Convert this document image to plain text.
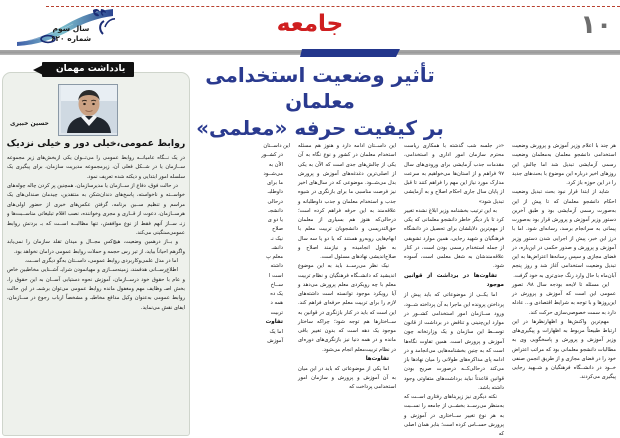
سال سوم
شماره ۶۲۰
جامعه	۱۰
تأثیر وضعیت استخدامی معلمان
بر کیفیت حرفه «معلمی»

هر چند با اعلام وزیر آموزش و پرورش وضعیت استخدامی دانشجو معلمان به‌معلمان وضعیت رسمی آزمایشی تبدیل شد اما چالش این روزهای اخیر درباره این موضوع با بحث‌های جدید را در این حوزه باز کرد.

شاید از ابتدا قرار نبود بحث تبدیل وضعیت احکام دانشجو معلمان که تا پیش از این به‌صورت رسمی آزمایشی بود و طبق آخرین دستور وزیر آموزش و پرورش قرار بود به‌صورت پیمانی به سرانجام برسد، رسانه‌ای شود. اما با درز این خبر، پیش از اجرایی شدن دستور وزیر آموزش و پرورش و صدور حکمی در این‌باره، در فضای مجازی و سپس رسانه‌ها اعتراض‌ها به این تبدیل وضعیت استخدامی آغاز شد و روز پنجم آبان‌ماه با حال وارد رنگ جدی‌تری به خود گرفت.

این مسئله تا لایحه بودجه سال ۹۸، تصور عمومی این است که آموزش و پرورش در این‌روزها و با توجه به شرایط اقتصادی و... عادله دارد به سمت خصوصی‌سازی حرکت کند.

مهم‌ترین واکنش‌ها و اظهارنظرها در این ارتباط طبیعتاً مربوط به اظهارات و پیگیری‌های وزیر آموزش و پرورش و پاسخگویی وی به مطالبات دانشجو معلمانی بود که مراتب اعتراض خود را در فضای مجازی و از طریق انجمن صنفی خــود در دانشــگاه فرهنگیان و شــهید رجایی پیگیری می‌کردند.

«در جلسه شب گذشته با همکاری ریاست محترم سازمان امور اداری و استخدامی، مقدمات جذب آزمایشی برای ورودی‌های سال ۹۷ فراهم و از استان‌ها می‌خواهیم به سرعت مدارک مورد نیاز این مهم را فراهم کنند تا قبل از پایان سال جاری احکام اصلاح و به آزمایشی تبدیل شود»

به این ترتیب بخشنامه وزیر ابلاغ نشده تغییر کرد تا بار دیگر خاطر دانشجو معلمانی که یکی از مهم‌ترین دلایلشان برای تحصیل در دانشگاه فرهنگیان و شهید رجایی، همین موارد تشویقی از جمله استخدام رسمی بودن است، در کنار علاقه‌مندشان به شغل معلمی است، آسوده شود.

تفاوت‌ها در برداشت از قوانین موجود

اما یکــی از موضوعاتی که باید پیش از پرداختن پرونده این ماجرا به آن پرداخته شــود، ورود ســازمان امور استخدامی کشــور در موارد این‌چنینی و تناقض در برداشت از قانون توســط این سازمان و یک وزارتخانه چون آموزش و پرورش است. همین تفاوت نگاه‌ها است که به چنین بخشنامه‌هایی می‌انجامد و در ادامه پای مذاکره‌های طولانی را میان نهادها باز می‌کند درحالی‌کــه درصورت صریح بودن قوانین قاعدتاً نباید برداشت‌های متفاوتی وجود داشته باشد.

نکته دیگری نیز زیربناهای رفتاری اســت که به‌منظر می‌رســد بخشــی از جامعه را نســبت به هر نوع تغییر ســاختاری در آموزش و پرورش حســاس کرده است؛ بنابر همان اصلی که

این داســتان ادامه دارد و هنوز هم مسئله استخدام معلمان در کشور و نوع نگاه به آن یکی از چالش‌های جدی است که الآن به یکی از اصلی‌ترین دغدغه‌های آموزش و پرورش بدل می‌شــود. موضوعی که در سال‌های اخیر نیز فرصت مناسبی ما برای بازنگری در شیوه جذب و استخدام معلمان و جذب داوطلبانه و علاقه‌مند به این حرفه فراهم کرده است؛ درحالی‌که هنوز هم بسیاری از معلمان حق‌التدریسی و دانشجویان تربیت معلم با ابهام‌هایی روبه‌رو هستند که یا دو یا سه سال به طول انجامیده و نیازمند اصلاح و صلاح‌اندیشی نهادهای مسئول است.

نیک نظر می‌رســد باید به این موضوع اندیشید که دانشــگاه فرهنگیان و نظام تربیت معلم با چه رویکردی معلم پرورش می‌دهد و آیا رویکرد موجود توانسته است داشته‌های لازم را برای تربیت معلم حرفه‌ای فراهم کند. این است که باید در کنار بازنگری در قوانین به ســاختارها هم توجه شود؛ چراکه ساختار موجود یک دهه است که بدون تغییر باقی مانده و در همه دنیا نیز بازنگری‌های دوره‌ای در نظام تربیت‌معلم انجام می‌شود.

تفاوت‌ها

اما یکی از موضوعاتی که باید در این میان به آن آموزش و پرورش و سازمان امور استخدامی پرداخت که

این داســتان

در کشــور

الآن به

می‌شــود

ما برای

داوطلبـ

درحالی‌

دانشجـ

یا دو ی

صلاح

نیک نـ

دانشـ

معلم پ

داشته

است ا

ســاخ

یک ده

همه د

تربیت

تفاوت

اما یک

آموزش

یادداشت مهمان
حسین خبیری
روابط عمومی،خیلی دور و خیلی نزدیک

در یک نــگاه عامیانــه روابط عمومی را می‌تــوان یکی ازبخش‌های زیر مجموعه ســازمان یا در شــکل فعلی آن، زیرمجموعه مدیریت سازمان، برای پیگیری یک سلسله امور ابتدایی و دیکته شده تعریف نمود.

در حالت فوق، دفاع از ســازمان یا مدیرسازمان، همچنین پر کردن چاله چوله‌های خواســته و ناخواسته، پاسخ‌های دندان‌شکن به منتقدین، چیدمان صندلی‌های یک مراسم و تنظیم ســین برنامه، گرفتن عکس‌های خبری از حضور اولی‌های هرســازمان، دعوت از قــاری و مجری وخواننده، نصب اقلام تبلیغاتی مناســبت‌ها و زنـ ســاز آنهم فقط از نوع موافقش، تنها مظالبــه اســت که بـ بردنش روابط عمومی‌سنگینی می‌کند.

و بــاز درهمین وضعیت، هیچ‌کس مجــال و میدان تقلد سازمان را نمی‌یابد واگرهم احیاناً بیاید، از تیر رس حجمه و حملات روابط عمومی درامان نخواهد بود.

اما در مدل علمی‌وکاربردی روابط عمومی، داســتان به‌گو دیگری اســت.

اطلاع‌رســانی هدفمند، زمینه‌ســازی و مهیانمودن شرایـ آشــنایی مخاطبین خاص و عام با حقوق خود درســازمان، آموزش نحوه دستیابی آســان به این حقوق را، بخش اصـ وظایف مهم ومغفول مانده روابط عمومی می‌توان برشمـ در این حالت روابط عمومی به‌عنوان وکیل مدافع مخاطبـ و مشخصاً ارباب رجوع در ســازمان، ایفای نقش می‌نماید.
